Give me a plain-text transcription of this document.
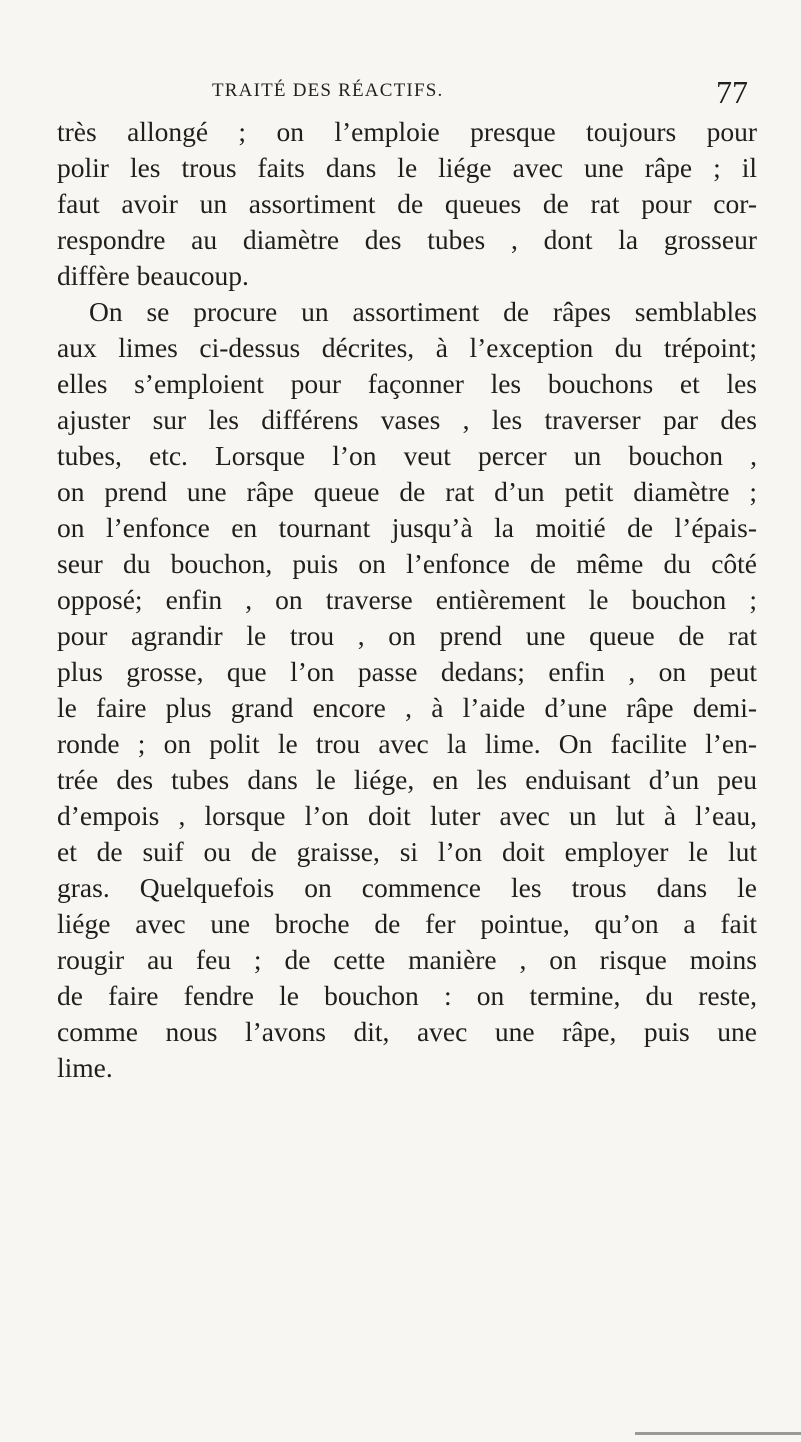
TRAITÉ DES RÉACTIFS.	77
très allongé ; on l’emploie presque toujours pour
polir les trous faits dans le liége avec une râpe ; il
faut avoir un assortiment de queues de rat pour cor-
respondre au diamètre des tubes , dont la grosseur
diffère beaucoup.
On se procure un assortiment de râpes semblables
aux limes ci-dessus décrites, à l’exception du trépoint;
elles s’emploient pour façonner les bouchons et les
ajuster sur les différens vases , les traverser par des
tubes, etc. Lorsque l’on veut percer un bouchon ,
on prend une râpe queue de rat d’un petit diamètre ;
on l’enfonce en tournant jusqu’à la moitié de l’épais-
seur du bouchon, puis on l’enfonce de même du côté
opposé; enfin , on traverse entièrement le bouchon ;
pour agrandir le trou , on prend une queue de rat
plus grosse, que l’on passe dedans; enfin , on peut
le faire plus grand encore , à l’aide d’une râpe demi-
ronde ; on polit le trou avec la lime. On facilite l’en-
trée des tubes dans le liége, en les enduisant d’un peu
d’empois , lorsque l’on doit luter avec un lut à l’eau,
et de suif ou de graisse, si l’on doit employer le lut
gras. Quelquefois on commence les trous dans le
liége avec une broche de fer pointue, qu’on a fait
rougir au feu ; de cette manière , on risque moins
de faire fendre le bouchon : on termine, du reste,
comme nous l’avons dit, avec une râpe, puis une
lime.
